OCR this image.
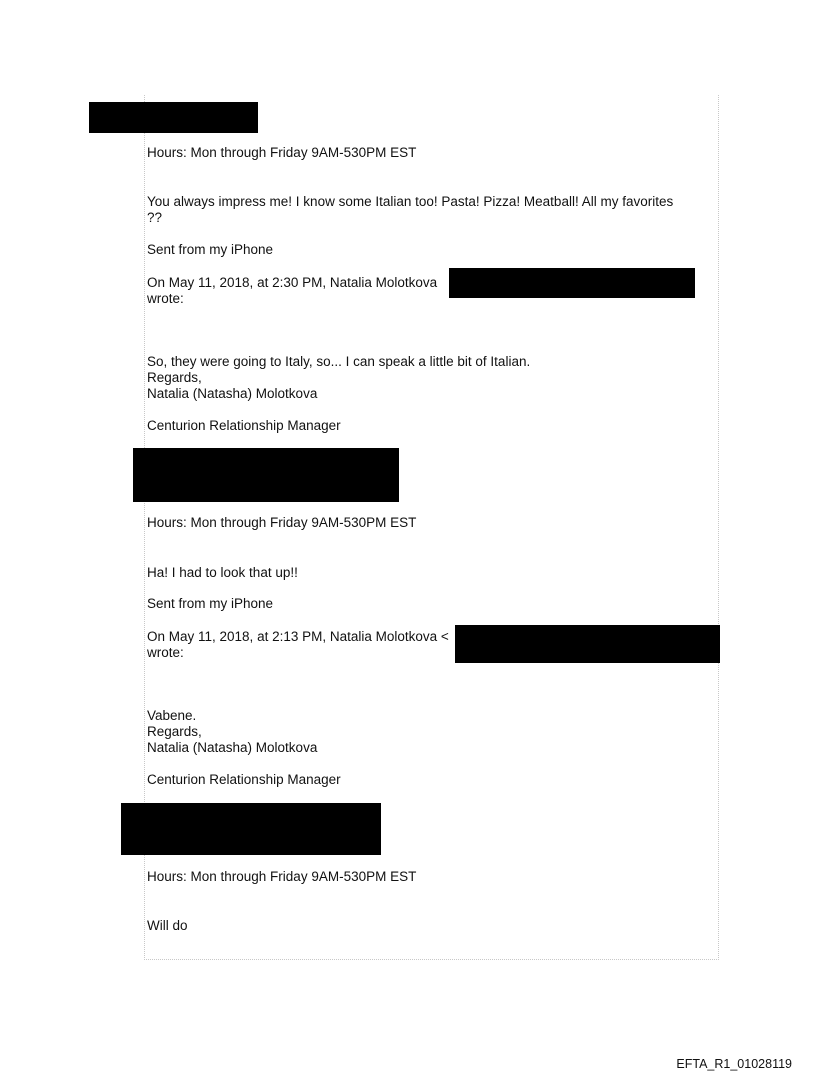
Hours: Mon through Friday 9AM-530PM EST
You always impress me! I know some Italian too! Pasta! Pizza! Meatball! All my favorites
??
Sent from my iPhone
On May 11, 2018, at 2:30 PM, Natalia Molotkova
wrote:
So, they were going to Italy, so... I can speak a little bit of Italian.
Regards,
Natalia (Natasha) Molotkova
Centurion Relationship Manager
Hours: Mon through Friday 9AM-530PM EST
Ha! I had to look that up!!
Sent from my iPhone
On May 11, 2018, at 2:13 PM, Natalia Molotkova <
wrote:
Vabene.
Regards,
Natalia (Natasha) Molotkova
Centurion Relationship Manager
Hours: Mon through Friday 9AM-530PM EST
Will do
EFTA_R1_01028119
